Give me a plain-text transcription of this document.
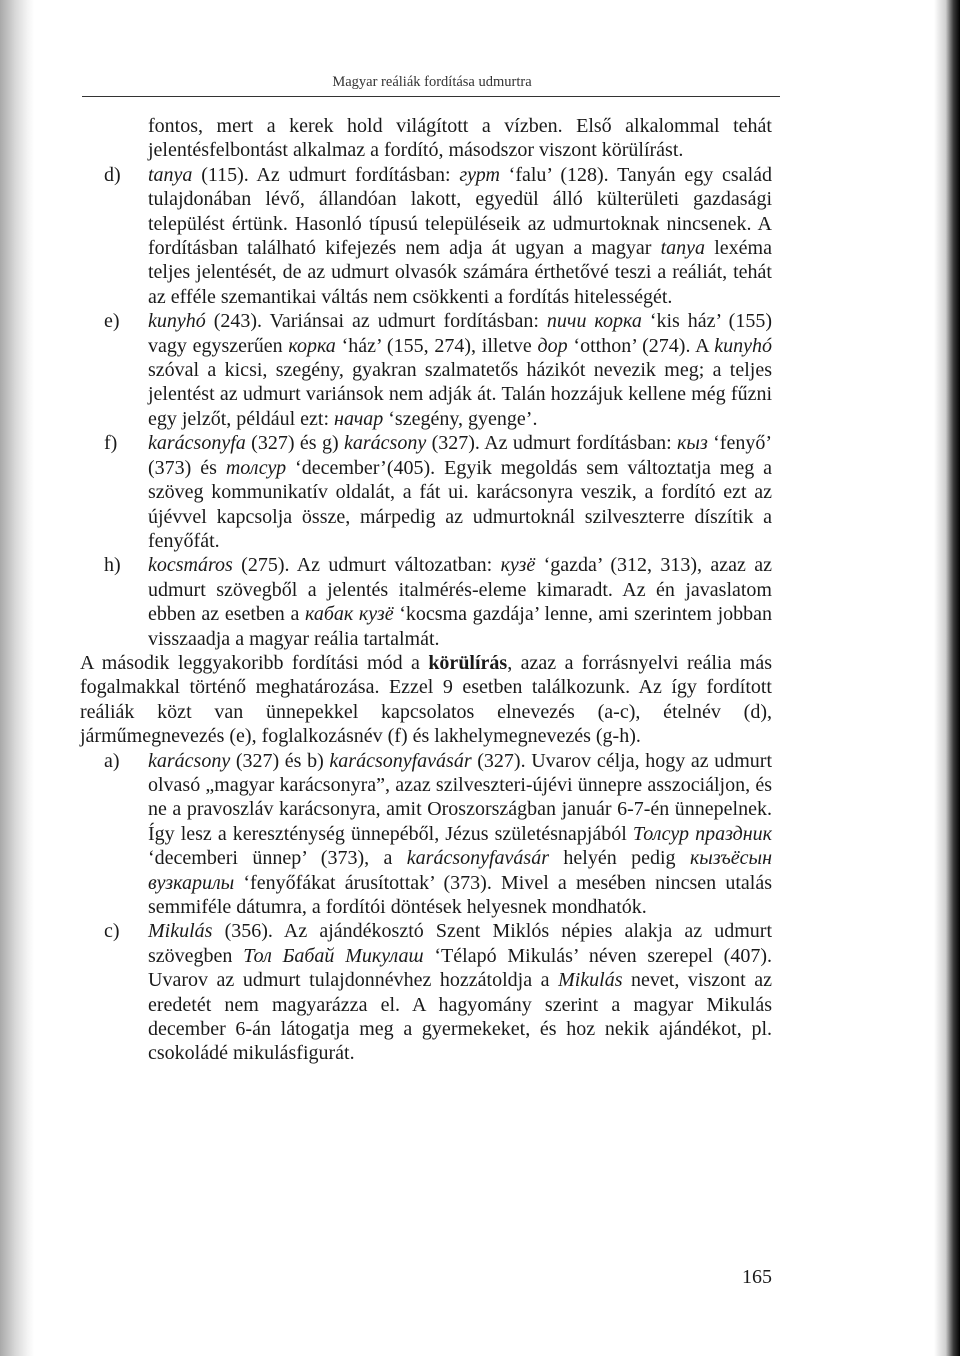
Magyar reáliák fordítása udmurtra

fontos, mert a kerek hold világított a vízben. Első alkalommal tehát jelentésfelbontást alkalmaz a fordító, másodszor viszont körülírást.

d)	tanya (115). Az udmurt fordításban: гурт ‘falu’ (128). Tanyán egy család tulajdonában lévő, állandóan lakott, egyedül álló külterületi gazdasági települést értünk. Hasonló típusú településeik az udmurtoknak nincsenek. A fordításban található kifejezés nem adja át ugyan a magyar tanya lexéma teljes jelentését, de az udmurt olvasók számára érthetővé teszi a reáliát, tehát az efféle szemantikai váltás nem csökkenti a fordítás hitelességét.
e)	kunyhó (243). Variánsai az udmurt fordításban: пичи корка ‘kis ház’ (155) vagy egyszerűen корка ‘ház’ (155, 274), illetve дор ‘otthon’ (274). A kunyhó szóval a kicsi, szegény, gyakran szalmatetős házikót nevezik meg; a teljes jelentést az udmurt variánsok nem adják át. Talán hozzájuk kellene még fűzni egy jelzőt, például ezt: начар ‘szegény, gyenge’.
f)	karácsonyfa (327) és g) karácsony (327). Az udmurt fordításban: кыз ‘fenyő’ (373) és толсур ‘december’(405). Egyik megoldás sem változtatja meg a szöveg kommunikatív oldalát, a fát ui. karácsonyra veszik, a fordító ezt az újévvel kapcsolja össze, márpedig az udmurtoknál szilveszterre díszítik a fenyőfát.
h)	kocsmáros (275). Az udmurt változatban: кузё ‘gazda’ (312, 313), azaz az udmurt szövegből a jelentés italmérés-eleme kimaradt. Az én javaslatom ebben az esetben a кабак кузё ‘kocsma gazdája’ lenne, ami szerintem jobban visszaadja a magyar reália tartalmát.

A második leggyakoribb fordítási mód a körülírás, azaz a forrásnyelvi reália más fogalmakkal történő meghatározása. Ezzel 9 esetben találkozunk. Az így fordított reáliák közt van ünnepekkel kapcsolatos elnevezés (a-c), ételnév (d), járműmegnevezés (e), foglalkozásnév (f) és lakhelymegnevezés (g-h).

a)	karácsony (327) és b) karácsonyfavásár (327). Uvarov célja, hogy az udmurt olvasó „magyar karácsonyra”, azaz szilveszteri-újévi ünnepre asszociáljon, és ne a pravoszláv karácsonyra, amit Oroszországban január 6-7-én ünnepelnek. Így lesz a kereszténység ünnepéből, Jézus születésnapjából Толсур праздник ‘decemberi ünnep’ (373), a karácsonyfavásár helyén pedig кызъёсын вузкарилы ‘fenyőfákat árusítottak’ (373). Mivel a mesében nincsen utalás semmiféle dátumra, a fordítói döntések helyesnek mondhatók.
c)	Mikulás (356). Az ajándékosztó Szent Miklós népies alakja az udmurt szövegben Тол Бабай Микулаш ‘Télapó Mikulás’ néven szerepel (407). Uvarov az udmurt tulajdonnévhez hozzátoldja a Mikulás nevet, viszont az eredetét nem magyarázza el. A hagyomány szerint a magyar Mikulás december 6-án látogatja meg a gyermekeket, és hoz nekik ajándékot, pl. csokoládé mikulásfigurát.
165
